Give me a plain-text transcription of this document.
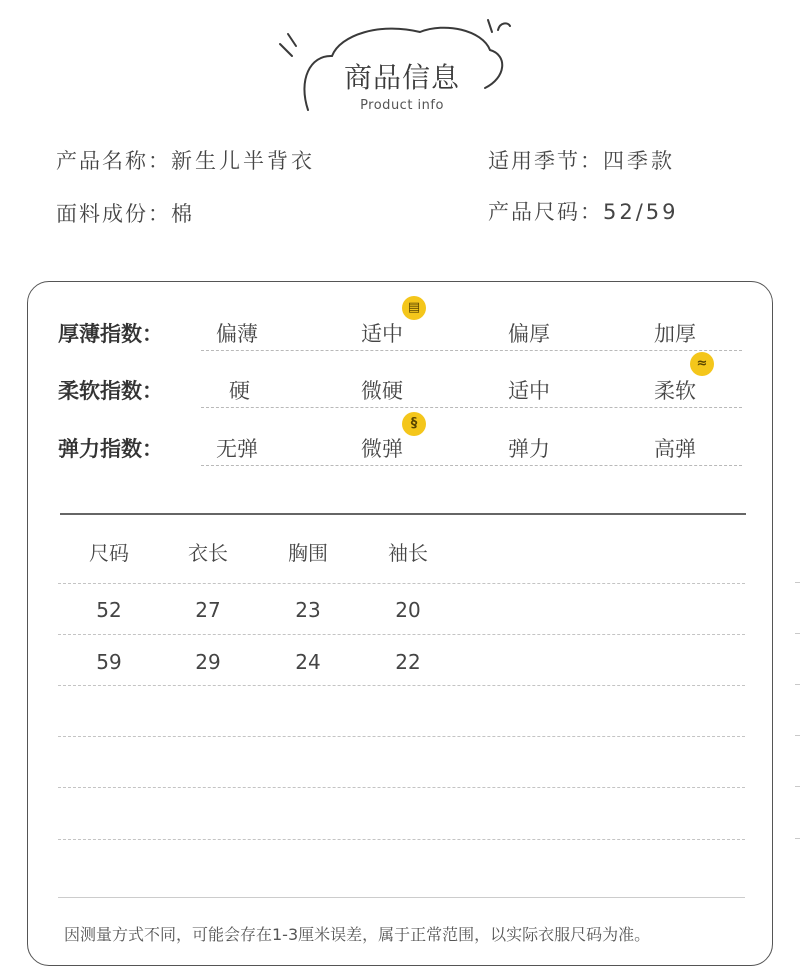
商品信息
Product info
产品名称：新生儿半背衣
面料成份：棉
适用季节：四季款
产品尺码：52/59
厚薄指数：	偏薄	适中	偏厚	加厚
▤
柔软指数：	硬	微硬	适中	柔软
≈
弹力指数：	无弹	微弹	弹力	高弹
§
尺码	衣长	胸围	袖长
52	27	23	20
59	29	24	22
因测量方式不同，可能会存在1-3厘米误差，属于正常范围，以实际衣服尺码为准。
